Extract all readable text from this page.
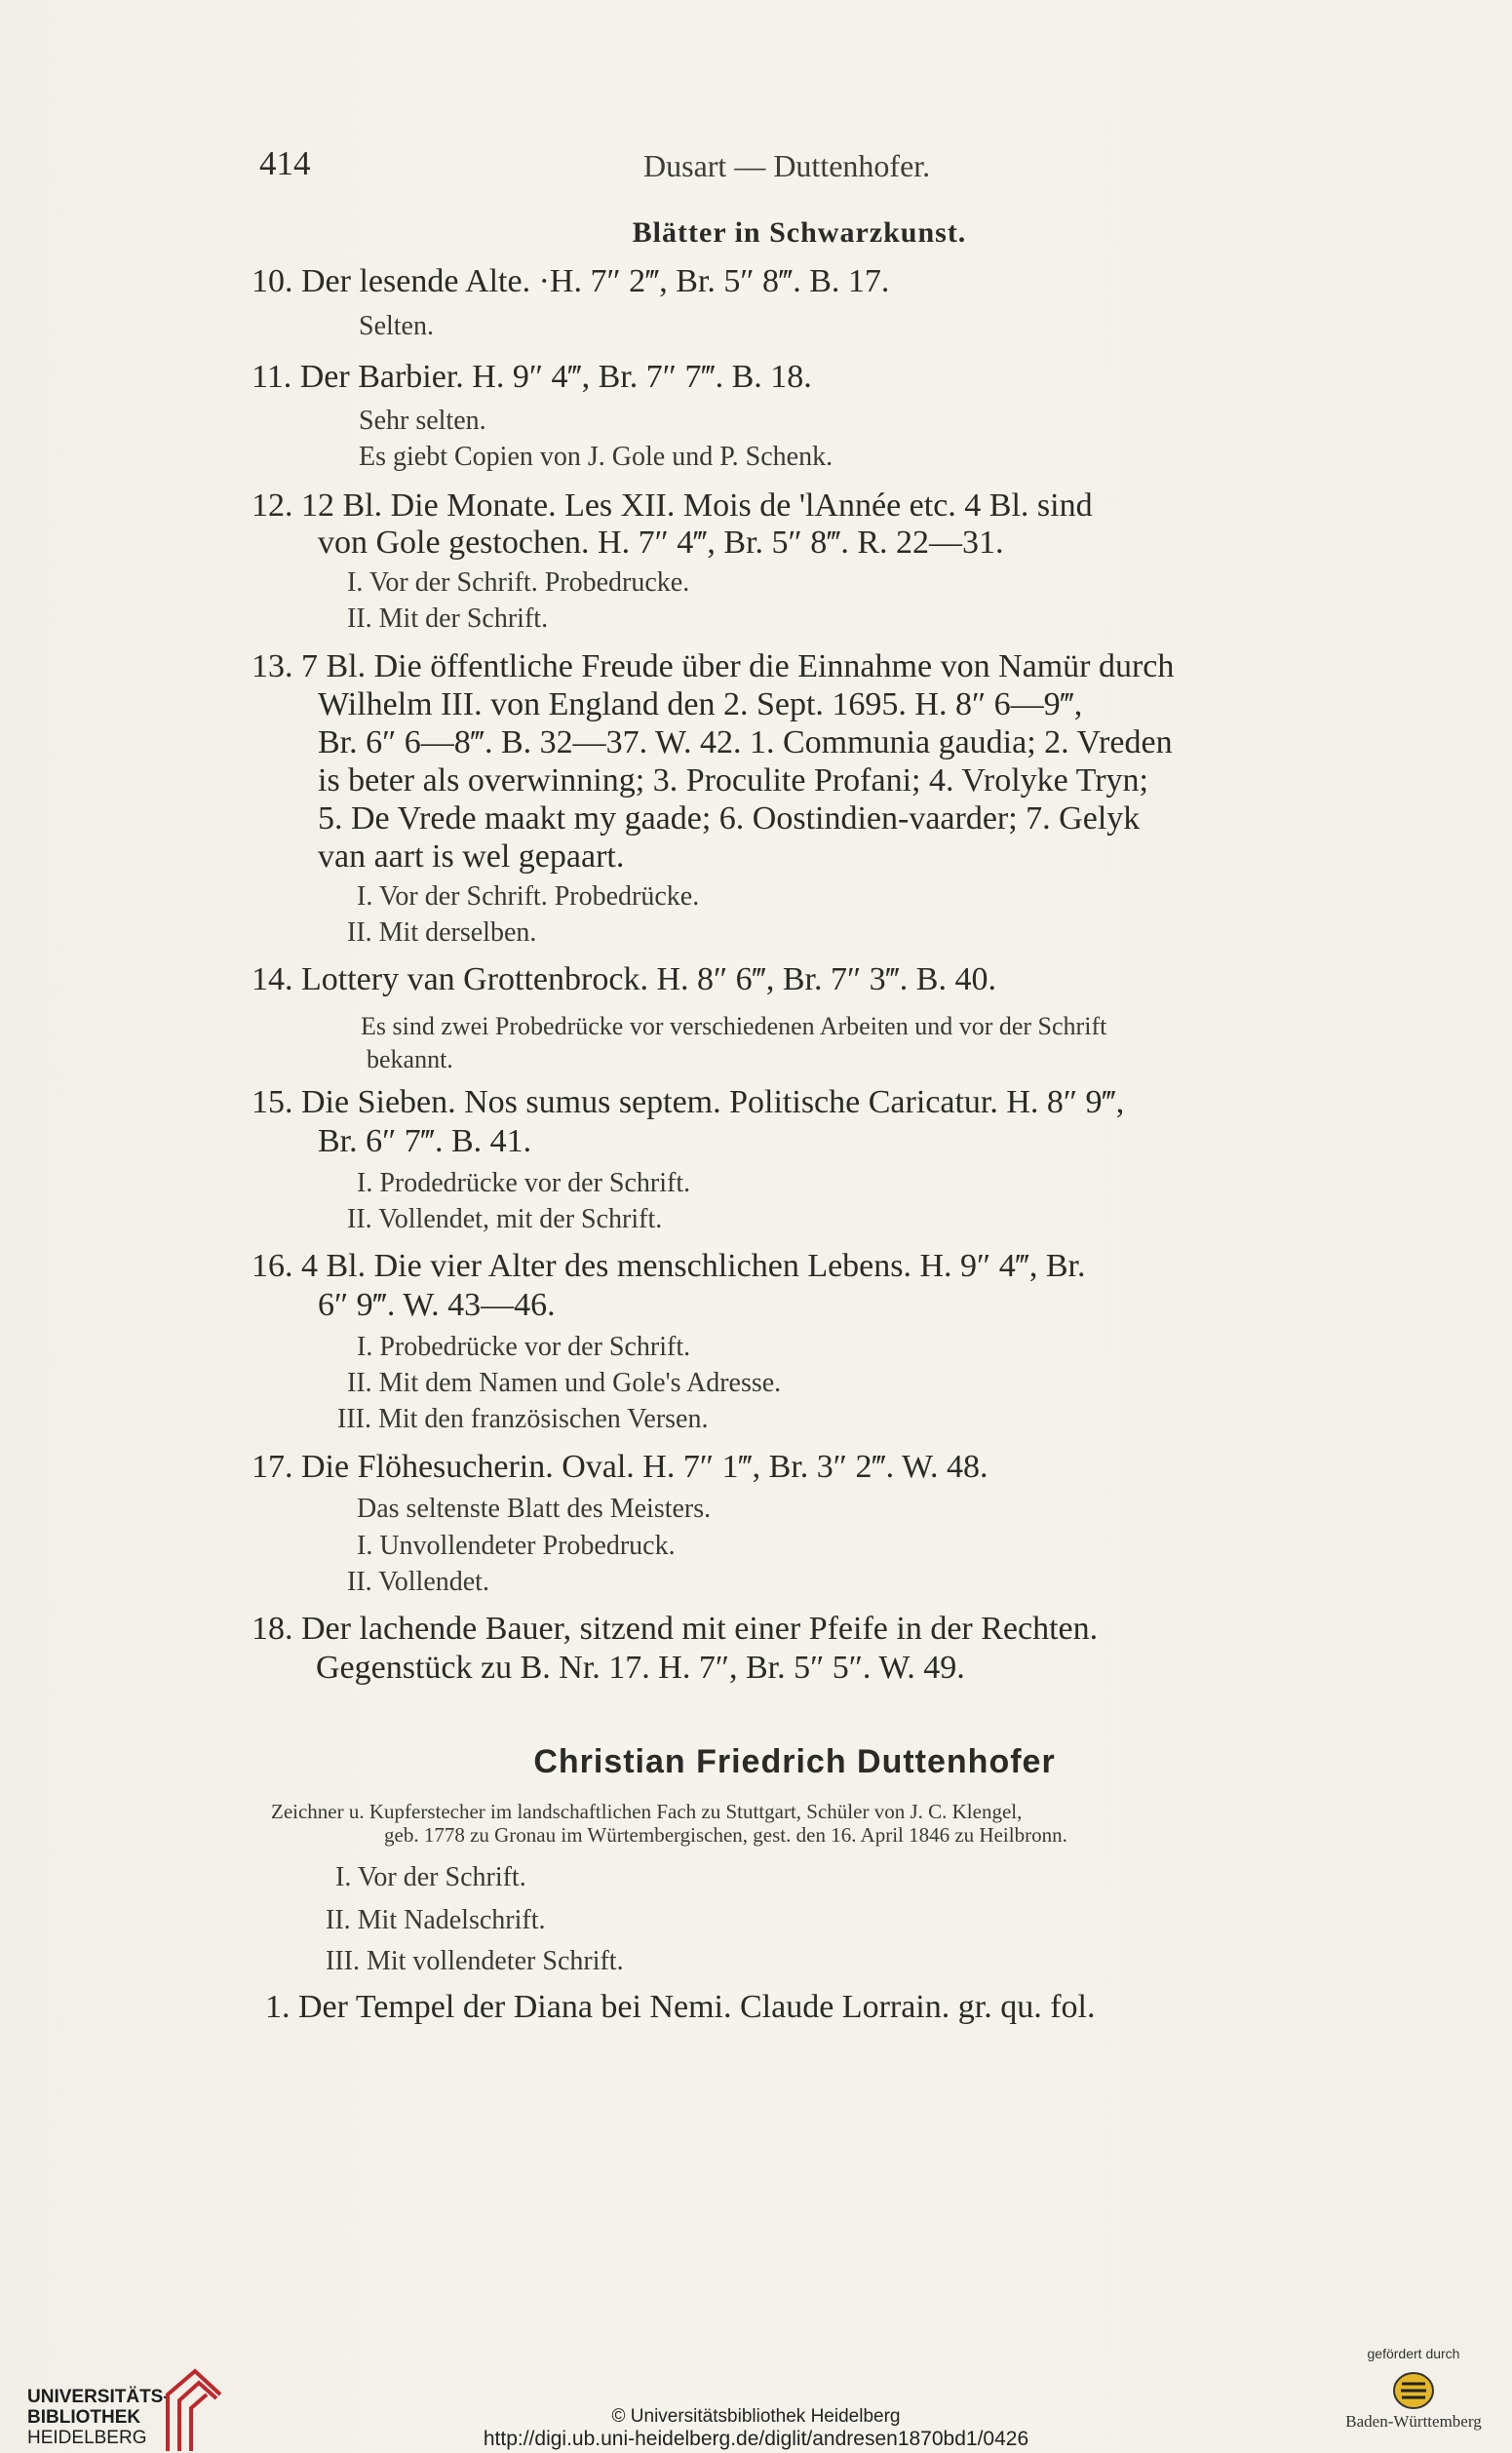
414	Dusart — Duttenhofer.
Blätter in Schwarzkunst.
10. Der lesende Alte. ·H. 7″ 2‴, Br. 5″ 8‴. B. 17.
Selten.
11. Der Barbier. H. 9″ 4‴, Br. 7″ 7‴. B. 18.
Sehr selten.
Es giebt Copien von J. Gole und P. Schenk.
12. 12 Bl. Die Monate. Les XII. Mois de 'lAnnée etc. 4 Bl. sind
von Gole gestochen. H. 7″ 4‴, Br. 5″ 8‴. R. 22—31.
I. Vor der Schrift. Probedrucke.
II. Mit der Schrift.
13. 7 Bl. Die öffentliche Freude über die Einnahme von Namür durch
Wilhelm III. von England den 2. Sept. 1695. H. 8″ 6—9‴,
Br. 6″ 6—8‴. B. 32—37. W. 42. 1. Communia gaudia; 2. Vreden
is beter als overwinning; 3. Proculite Profani; 4. Vrolyke Tryn;
5. De Vrede maakt my gaade; 6. Oostindien-vaarder; 7. Gelyk
van aart is wel gepaart.
I. Vor der Schrift. Probedrücke.
II. Mit derselben.
14. Lottery van Grottenbrock. H. 8″ 6‴, Br. 7″ 3‴. B. 40.
Es sind zwei Probedrücke vor verschiedenen Arbeiten und vor der Schrift
bekannt.
15. Die Sieben. Nos sumus septem. Politische Caricatur. H. 8″ 9‴,
Br. 6″ 7‴. B. 41.
I. Prodedrücke vor der Schrift.
II. Vollendet, mit der Schrift.
16. 4 Bl. Die vier Alter des menschlichen Lebens. H. 9″ 4‴, Br.
6″ 9‴. W. 43—46.
I. Probedrücke vor der Schrift.
II. Mit dem Namen und Gole's Adresse.
III. Mit den französischen Versen.
17. Die Flöhesucherin. Oval. H. 7″ 1‴, Br. 3″ 2‴. W. 48.
Das seltenste Blatt des Meisters.
I. Unvollendeter Probedruck.
II. Vollendet.
18. Der lachende Bauer, sitzend mit einer Pfeife in der Rechten.
Gegenstück zu B. Nr. 17. H. 7″, Br. 5″ 5″. W. 49.
Christian Friedrich Duttenhofer
Zeichner u. Kupferstecher im landschaftlichen Fach zu Stuttgart, Schüler von J. C. Klengel,
geb. 1778 zu Gronau im Würtembergischen, gest. den 16. April 1846 zu Heilbronn.
I. Vor der Schrift.
II. Mit Nadelschrift.
III. Mit vollendeter Schrift.
1. Der Tempel der Diana bei Nemi. Claude Lorrain. gr. qu. fol.
UNIVERSITÄTS-
BIBLIOTHEK
HEIDELBERG
© Universitätsbibliothek Heidelberg
http://digi.ub.uni-heidelberg.de/diglit/andresen1870bd1/0426
gefördert durch
Baden-Württemberg
